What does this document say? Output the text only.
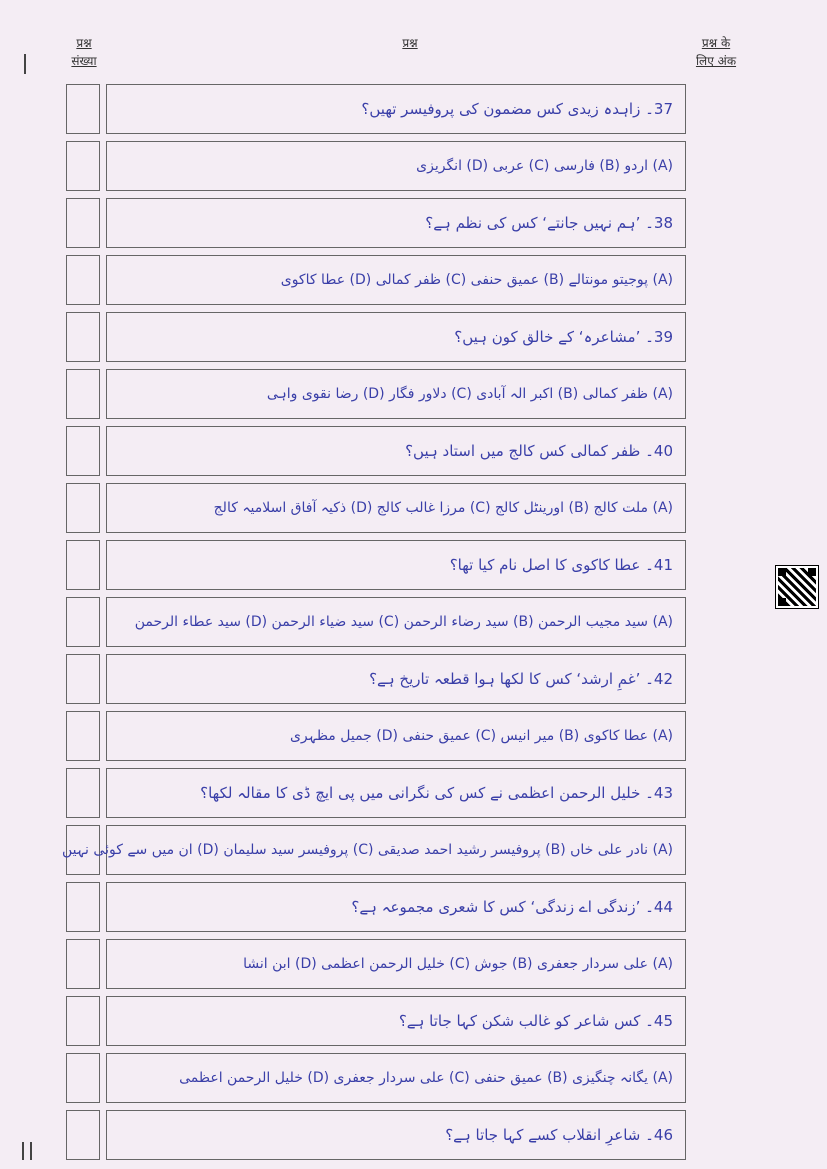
प्रश्न
संख्या
प्रश्न	प्रश्न के
लिए अंक
37۔ زاہدہ زیدی کس مضمون کی پروفیسر تھیں؟
(A) اردو (B) فارسی (C) عربی (D) انگریزی
38۔ ’ہم نہیں جانتے‘ کس کی نظم ہے؟
(A) پوجیتو مونتالے (B) عمیق حنفی (C) ظفر کمالی (D) عطا کاکوی
39۔ ’مشاعرہ‘ کے خالق کون ہیں؟
(A) ظفر کمالی (B) اکبر الہ آبادی (C) دلاور فگار (D) رضا نقوی واہی
40۔ ظفر کمالی کس کالج میں استاد ہیں؟
(A) ملت کالج (B) اورینٹل کالج (C) مرزا غالب کالج (D) ذکیہ آفاق اسلامیہ کالج
41۔ عطا کاکوی کا اصل نام کیا تھا؟
(A) سید مجیب الرحمن (B) سید رضاء الرحمن (C) سید ضیاء الرحمن (D) سید عطاء الرحمن
42۔ ’غمِ ارشد‘ کس کا لکھا ہوا قطعہ تاریخ ہے؟
(A) عطا کاکوی (B) میر انیس (C) عمیق حنفی (D) جمیل مظہری
43۔ خلیل الرحمن اعظمی نے کس کی نگرانی میں پی ایچ ڈی کا مقالہ لکھا؟
(A) نادر علی خاں (B) پروفیسر رشید احمد صدیقی (C) پروفیسر سید سلیمان (D) ان میں سے کوئی نہیں
44۔ ’زندگی اے زندگی‘ کس کا شعری مجموعہ ہے؟
(A) علی سردار جعفری (B) جوش (C) خلیل الرحمن اعظمی (D) ابن انشا
45۔ کس شاعر کو غالب شکن کہا جاتا ہے؟
(A) یگانہ چنگیزی (B) عمیق حنفی (C) علی سردار جعفری (D) خلیل الرحمن اعظمی
46۔ شاعرِ انقلاب کسے کہا جاتا ہے؟
